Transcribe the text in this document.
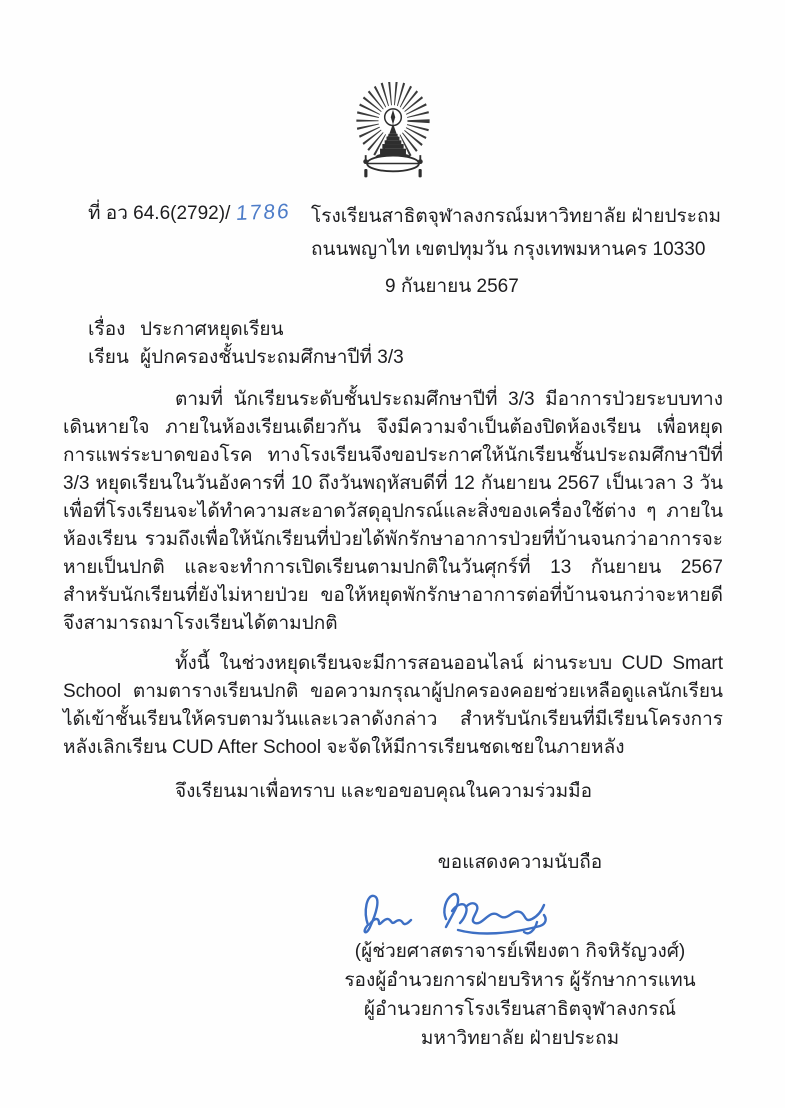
ที่ อว 64.6(2792)/ 1786 โรงเรียนสาธิตจุฬาลงกรณ์มหาวิทยาลัย ฝ่ายประถม
ถนนพญาไท เขตปทุมวัน กรุงเทพมหานคร 10330
9 กันยายน 2567
เรื่อง ประกาศหยุดเรียน
เรียน ผู้ปกครองชั้นประถมศึกษาปีที่ 3/3

ตามที่ นักเรียนระดับชั้นประถมศึกษาปีที่ 3/3 มีอาการป่วยระบบทางเดินหายใจ ภายในห้องเรียนเดียวกัน จึงมีความจำเป็นต้องปิดห้องเรียน เพื่อหยุดการแพร่ระบาดของโรค ทางโรงเรียนจึงขอประกาศให้นักเรียนชั้นประถมศึกษาปีที่ 3/3 หยุดเรียนในวันอังคารที่ 10 ถึงวันพฤหัสบดีที่ 12 กันยายน 2567 เป็นเวลา 3 วันเพื่อที่โรงเรียนจะได้ทำความสะอาดวัสดุอุปกรณ์และสิ่งของเครื่องใช้ต่าง ๆ ภายในห้องเรียน รวมถึงเพื่อให้นักเรียนที่ป่วยได้พักรักษาอาการป่วยที่บ้านจนกว่าอาการจะหายเป็นปกติ และจะทำการเปิดเรียนตามปกติในวันศุกร์ที่ 13 กันยายน 2567 สำหรับนักเรียนที่ยังไม่หายป่วย ขอให้หยุดพักรักษาอาการต่อที่บ้านจนกว่าจะหายดี จึงสามารถมาโรงเรียนได้ตามปกติ

ทั้งนี้ ในช่วงหยุดเรียนจะมีการสอนออนไลน์ ผ่านระบบ CUD Smart School ตามตารางเรียนปกติ ขอความกรุณาผู้ปกครองคอยช่วยเหลือดูแลนักเรียนได้เข้าชั้นเรียนให้ครบตามวันและเวลาดังกล่าว สำหรับนักเรียนที่มีเรียนโครงการหลังเลิกเรียน CUD After School จะจัดให้มีการเรียนชดเชยในภายหลัง

จึงเรียนมาเพื่อทราบ และขอขอบคุณในความร่วมมือ
ขอแสดงความนับถือ
(ผู้ช่วยศาสตราจารย์เพียงตา กิจหิรัญวงศ์)
รองผู้อำนวยการฝ่ายบริหาร ผู้รักษาการแทน
ผู้อำนวยการโรงเรียนสาธิตจุฬาลงกรณ์มหาวิทยาลัย ฝ่ายประถม
